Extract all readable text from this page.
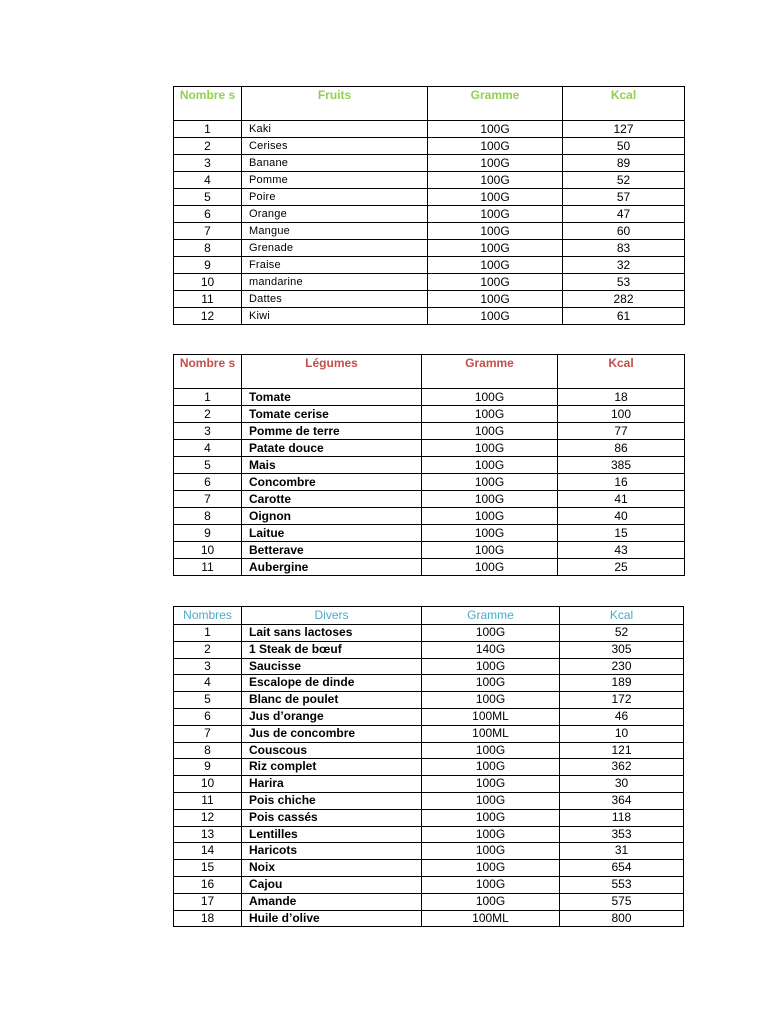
Nombre s	Fruits	Gramme	Kcal
1	Kaki	100G	127
2	Cerises	100G	50
3	Banane	100G	89
4	Pomme	100G	52
5	Poire	100G	57
6	Orange	100G	47
7	Mangue	100G	60
8	Grenade	100G	83
9	Fraise	100G	32
10	mandarine	100G	53
11	Dattes	100G	282
12	Kiwi	100G	61
Nombre s	Légumes	Gramme	Kcal
1	Tomate	100G	18
2	Tomate cerise	100G	100
3	Pomme de terre	100G	77
4	Patate douce	100G	86
5	Mais	100G	385
6	Concombre	100G	16
7	Carotte	100G	41
8	Oignon	100G	40
9	Laitue	100G	15
10	Betterave	100G	43
11	Aubergine	100G	25
Nombres	Divers	Gramme	Kcal
1	Lait sans lactoses	100G	52
2	1 Steak de bœuf	140G	305
3	Saucisse	100G	230
4	Escalope de dinde	100G	189
5	Blanc de poulet	100G	172
6	Jus d’orange	100ML	46
7	Jus de concombre	100ML	10
8	Couscous	100G	121
9	Riz complet	100G	362
10	Harira	100G	30
11	Pois chiche	100G	364
12	Pois cassés	100G	118
13	Lentilles	100G	353
14	Haricots	100G	31
15	Noix	100G	654
16	Cajou	100G	553
17	Amande	100G	575
18	Huile d’olive	100ML	800
